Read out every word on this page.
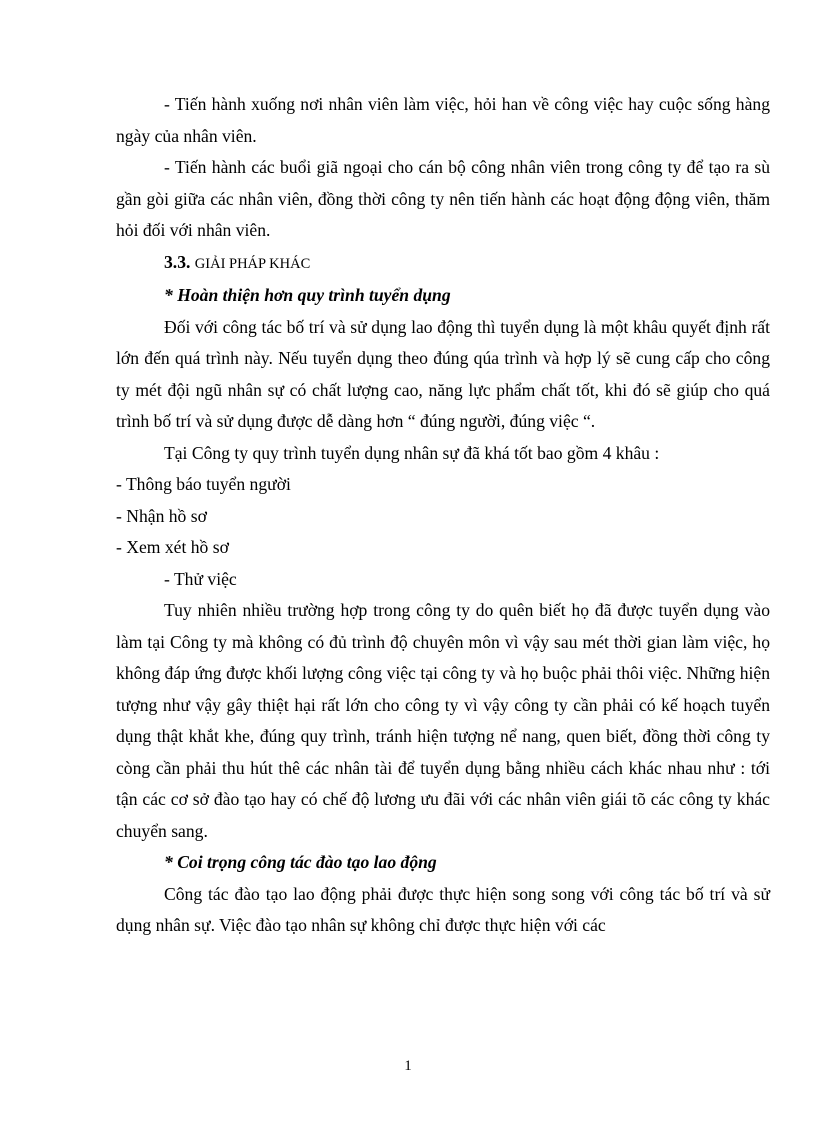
- Tiến hành xuống nơi nhân viên làm việc, hỏi han về công việc hay cuộc sống hàng ngày của nhân viên.

- Tiến hành các buổi giã ngoại cho cán bộ công nhân viên trong công ty để tạo ra sù gần gòi giữa các nhân viên, đồng thời công ty nên tiến hành các hoạt động động viên, thăm hỏi đối với nhân viên.

3.3. GIẢI PHÁP KHÁC

* Hoàn thiện hơn quy trình tuyển dụng

Đối với công tác bố trí và sử dụng lao động thì tuyển dụng là một khâu quyết định rất lớn đến quá trình này. Nếu tuyển dụng theo đúng qúa trình và hợp lý sẽ cung cấp cho công ty mét đội ngũ nhân sự có chất lượng cao, năng lực phẩm chất tốt, khi đó sẽ giúp cho quá trình bố trí và sử dụng được dễ dàng hơn “ đúng người, đúng việc “.

Tại Công ty quy trình tuyển dụng nhân sự đã khá tốt bao gồm 4 khâu :

- Thông báo tuyển người

- Nhận hồ sơ

- Xem xét hồ sơ

- Thử việc

Tuy nhiên nhiều trường hợp trong công ty do quên biết họ đã được tuyển dụng vào làm tại Công ty mà không có đủ trình độ chuyên môn vì vậy sau mét thời gian làm việc, họ không đáp ứng được khối lượng công việc tại công ty và họ buộc phải thôi việc. Những hiện tượng như vậy gây thiệt hại rất lớn cho công ty vì vậy công ty cần phải có kế hoạch tuyển dụng thật khắt khe, đúng quy trình, tránh hiện tượng nể nang, quen biết, đồng thời công ty còng cần phải thu hút thê các nhân tài để tuyển dụng bằng nhiều cách khác nhau như : tới tận các cơ sở đào tạo hay có chế độ lương ưu đãi với các nhân viên giái tõ các công ty khác chuyển sang.

* Coi trọng công tác đào tạo lao động

Công tác đào tạo lao động phải được thực hiện song song với công tác bố trí và sử dụng nhân sự. Việc đào tạo nhân sự không chỉ được thực hiện với các

1
